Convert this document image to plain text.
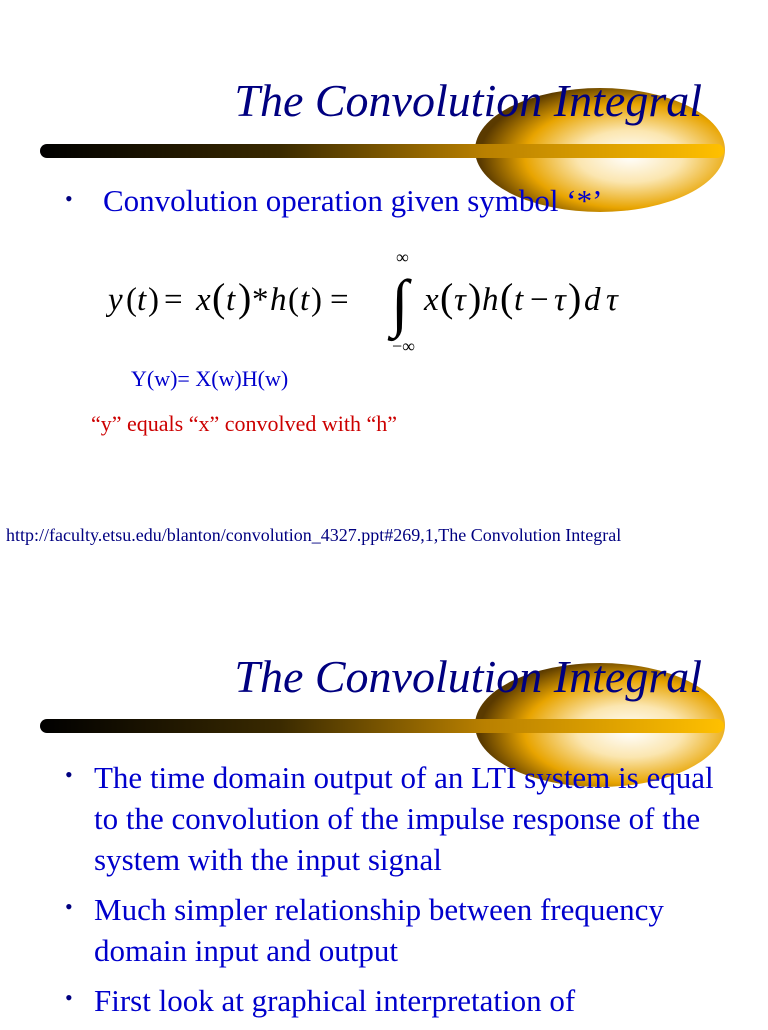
The Convolution Integral
• Convolution operation given symbol ‘*’

y ( t ) = x ( t ) * h ( t ) = ∫
∞
−∞
x ( τ ) h ( t − τ ) d τ

Y(w)= X(w)H(w)

“y” equals “x” convolved with “h”

http://faculty.etsu.edu/blanton/convolution_4327.ppt#269,1,The Convolution Integral

The Convolution Integral
• The time domain output of an LTI system is equal to the convolution of the impulse response of the system with the input signal

• Much simpler relationship between frequency domain input and output

• First look at graphical interpretation of
